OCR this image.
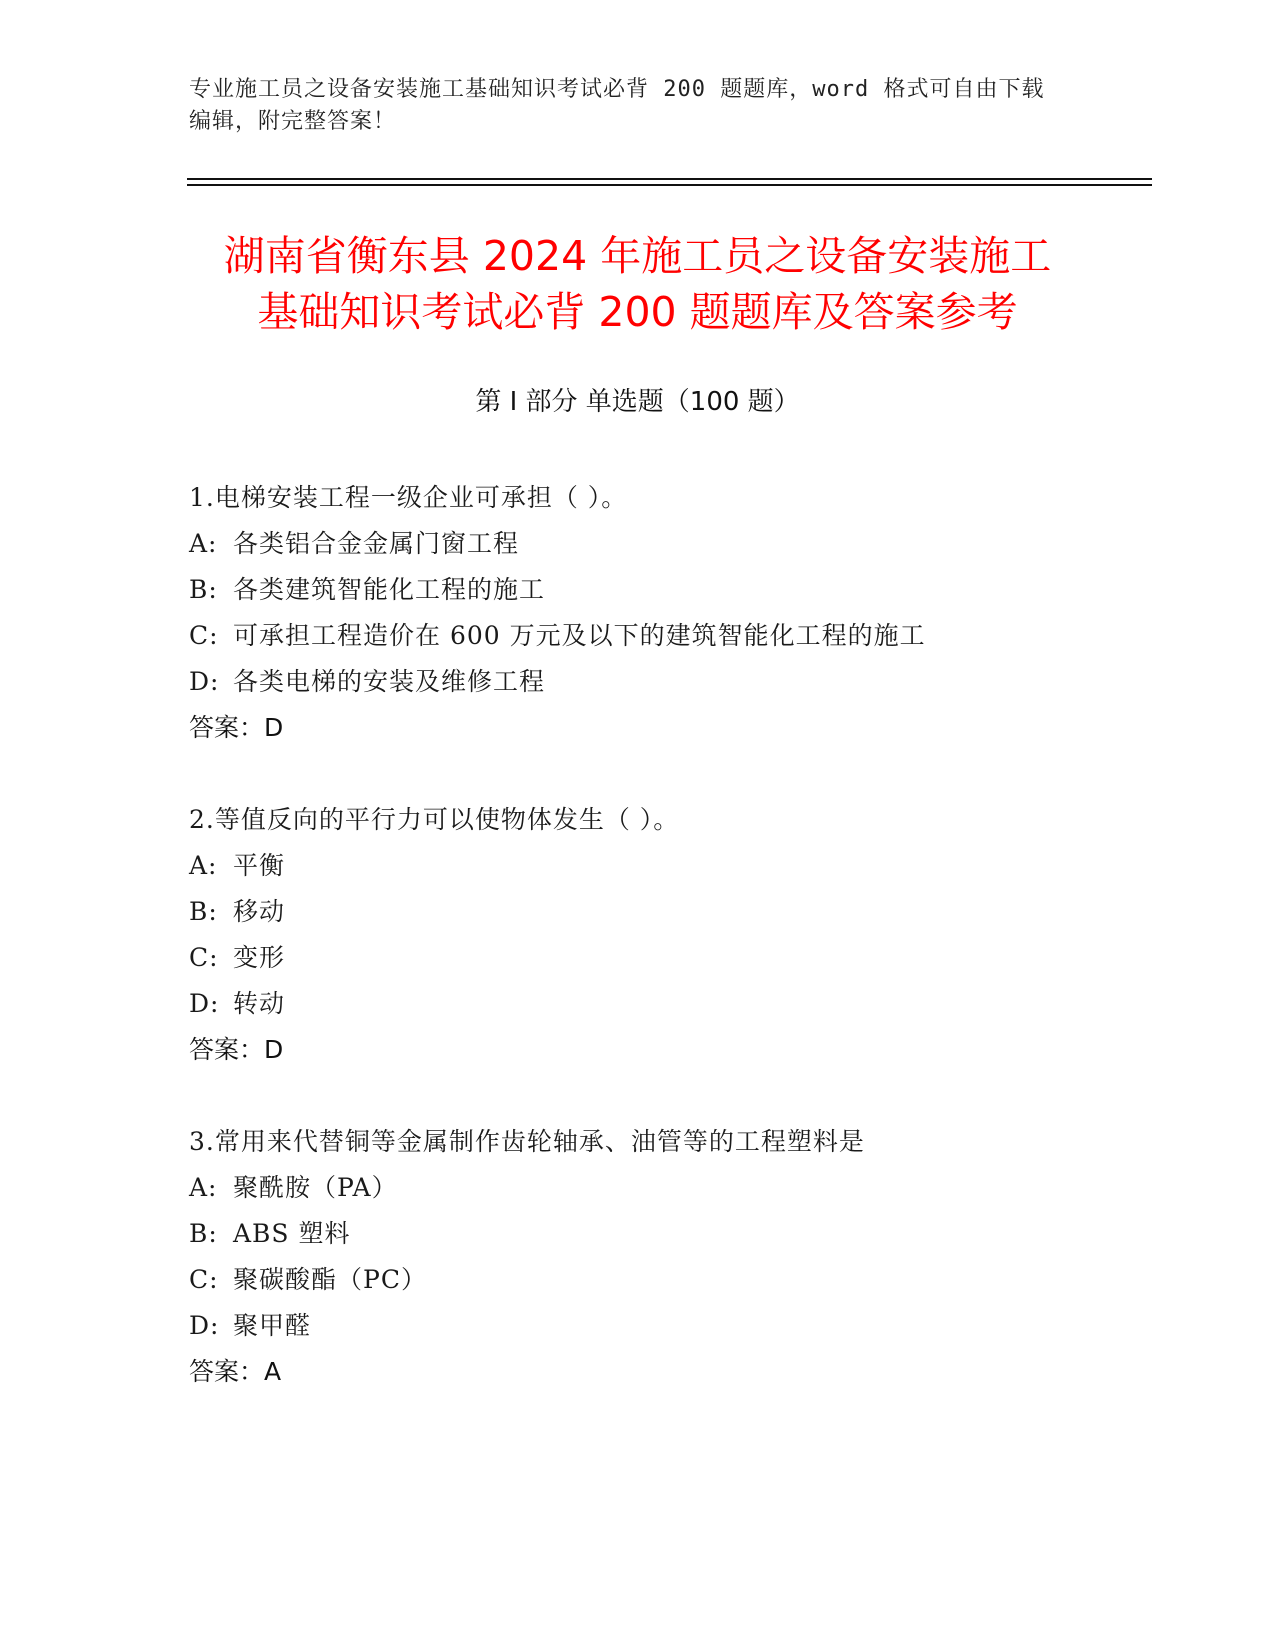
专业施工员之设备安装施工基础知识考试必背 200 题题库，word 格式可自由下载
编辑，附完整答案！
湖南省衡东县 2024 年施工员之设备安装施工
基础知识考试必背 200 题题库及答案参考
第 I 部分 单选题（100 题）
1.电梯安装工程一级企业可承担（ ）。
A: 各类铝合金金属门窗工程
B: 各类建筑智能化工程的施工
C: 可承担工程造价在 600 万元及以下的建筑智能化工程的施工
D: 各类电梯的安装及维修工程
答案：D
2.等值反向的平行力可以使物体发生（ ）。
A: 平衡
B: 移动
C: 变形
D: 转动
答案：D
3.常用来代替铜等金属制作齿轮轴承、油管等的工程塑料是
A: 聚酰胺（PA）
B: ABS 塑料
C: 聚碳酸酯（PC）
D: 聚甲醛
答案：A
